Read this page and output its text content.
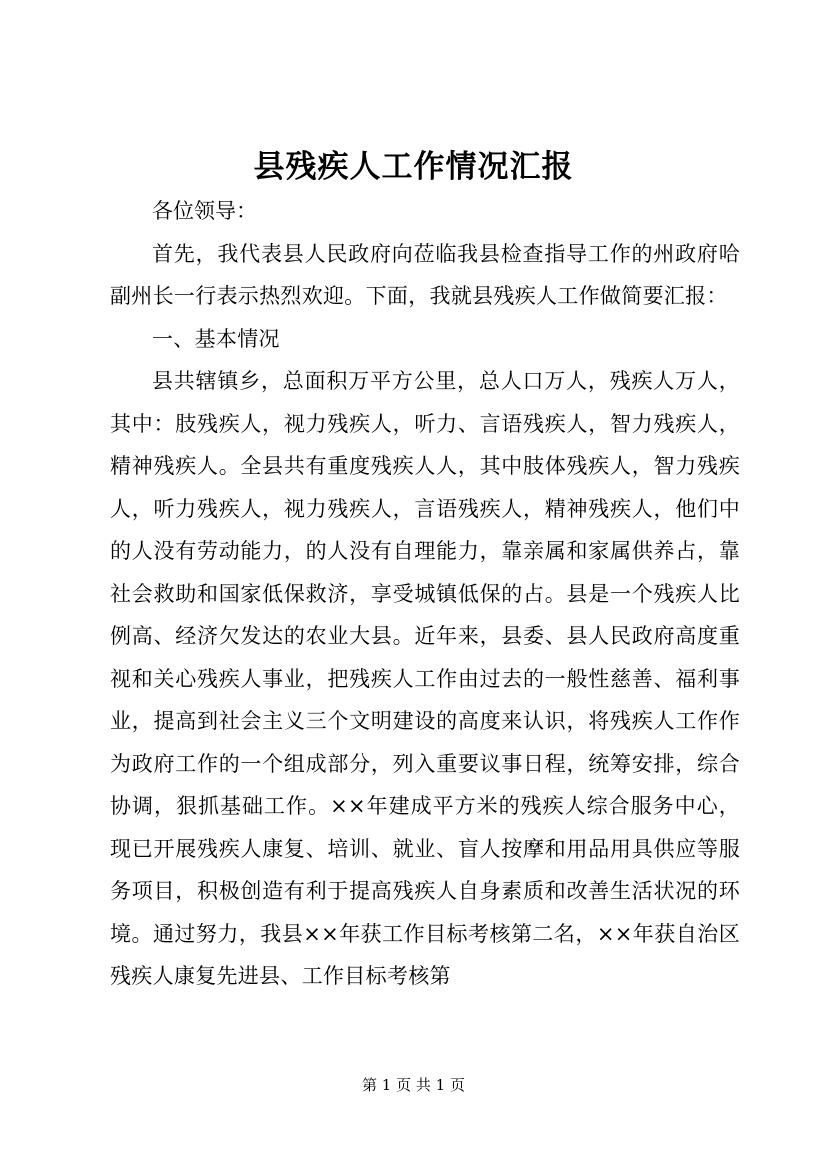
县残疾人工作情况汇报

各位领导：

首先，我代表县人民政府向莅临我县检查指导工作的州政府哈副州长一行表示热烈欢迎。下面，我就县残疾人工作做简要汇报：

一、基本情况

县共辖镇乡，总面积万平方公里，总人口万人，残疾人万人，其中：肢残疾人，视力残疾人，听力、言语残疾人，智力残疾人，精神残疾人。全县共有重度残疾人人，其中肢体残疾人，智力残疾人，听力残疾人，视力残疾人，言语残疾人，精神残疾人，他们中的人没有劳动能力，的人没有自理能力，靠亲属和家属供养占，靠社会救助和国家低保救济，享受城镇低保的占。县是一个残疾人比例高、经济欠发达的农业大县。近年来，县委、县人民政府高度重视和关心残疾人事业，把残疾人工作由过去的一般性慈善、福利事业，提高到社会主义三个文明建设的高度来认识，将残疾人工作作为政府工作的一个组成部分，列入重要议事日程，统筹安排，综合协调，狠抓基础工作。××年建成平方米的残疾人综合服务中心，现已开展残疾人康复、培训、就业、盲人按摩和用品用具供应等服务项目，积极创造有利于提高残疾人自身素质和改善生活状况的环境。通过努力，我县××年获工作目标考核第二名，××年获自治区残疾人康复先进县、工作目标考核第

第 1 页 共 1 页
